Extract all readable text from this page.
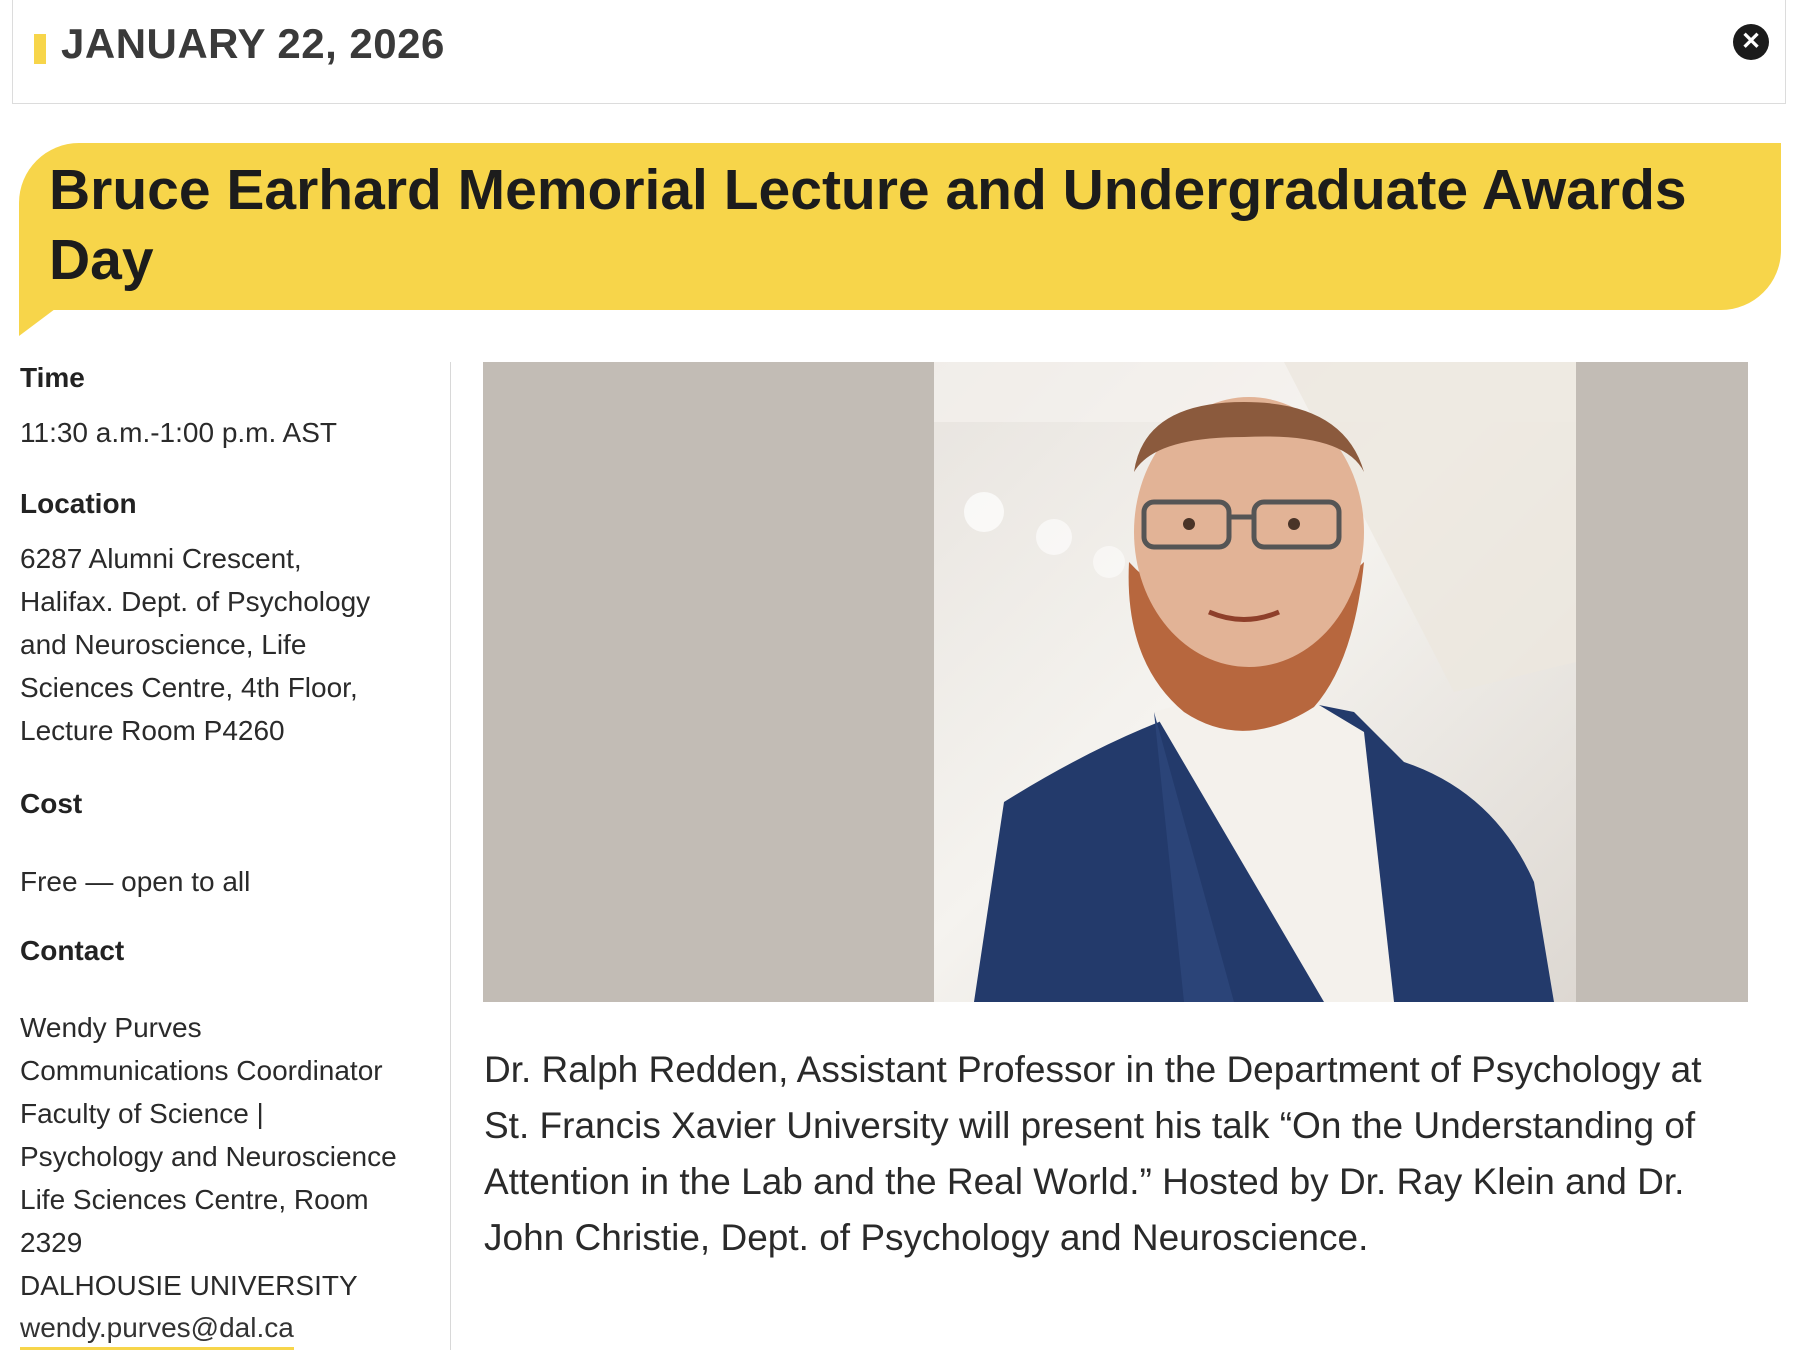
JANUARY 22, 2026	✕
Bruce Earhard Memorial Lecture and Undergraduate Awards Day
Time
11:30 a.m.-1:00 p.m. AST
Location
6287 Alumni Crescent,
Halifax. Dept. of Psychology
and Neuroscience, Life
Sciences Centre, 4th Floor,
Lecture Room P4260
Cost
Free — open to all
Contact
Wendy Purves
Communications Coordinator
Faculty of Science |
Psychology and Neuroscience
Life Sciences Centre, Room
2329
DALHOUSIE UNIVERSITY
wendy.purves@dal.ca

Dr. Ralph Redden, Assistant Professor in the Department of Psychology at St. Francis Xavier University will present his talk “On the Understanding of Attention in the Lab and the Real World.” Hosted by Dr. Ray Klein and Dr. John Christie, Dept. of Psychology and Neuroscience.
